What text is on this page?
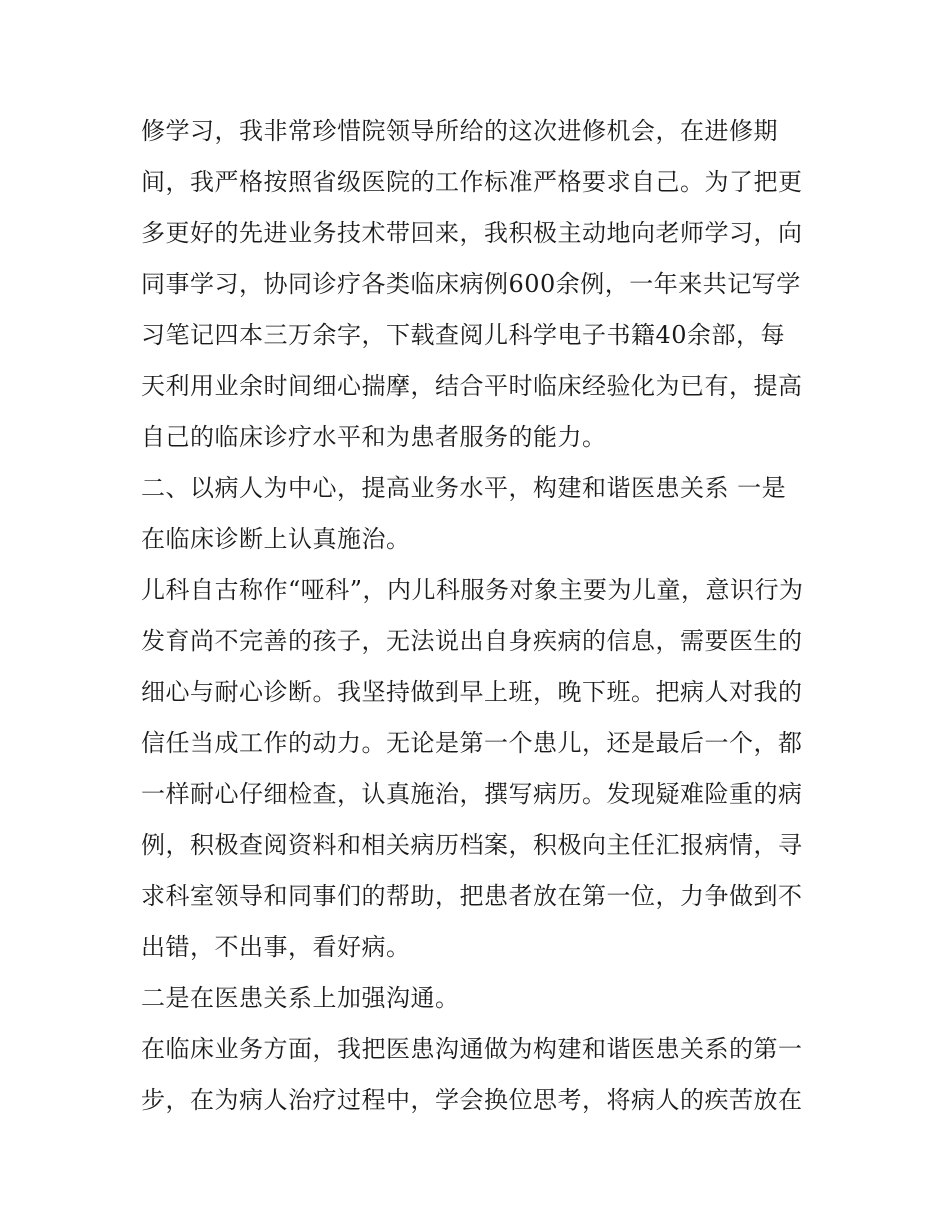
修学习，我非常珍惜院领导所给的这次进修机会，在进修期
间，我严格按照省级医院的工作标准严格要求自己。为了把更
多更好的先进业务技术带回来，我积极主动地向老师学习，向
同事学习，协同诊疗各类临床病例600余例，一年来共记写学
习笔记四本三万余字，下载查阅儿科学电子书籍40余部，每
天利用业余时间细心揣摩，结合平时临床经验化为已有，提高
自己的临床诊疗水平和为患者服务的能力。
二、以病人为中心，提高业务水平，构建和谐医患关系 一是
在临床诊断上认真施治。
儿科自古称作“哑科”，内儿科服务对象主要为儿童，意识行为
发育尚不完善的孩子，无法说出自身疾病的信息，需要医生的
细心与耐心诊断。我坚持做到早上班，晚下班。把病人对我的
信任当成工作的动力。无论是第一个患儿，还是最后一个，都
一样耐心仔细检查，认真施治，撰写病历。发现疑难险重的病
例，积极查阅资料和相关病历档案，积极向主任汇报病情，寻
求科室领导和同事们的帮助，把患者放在第一位，力争做到不
出错，不出事，看好病。
二是在医患关系上加强沟通。
在临床业务方面，我把医患沟通做为构建和谐医患关系的第一
步，在为病人治疗过程中，学会换位思考，将病人的疾苦放在
